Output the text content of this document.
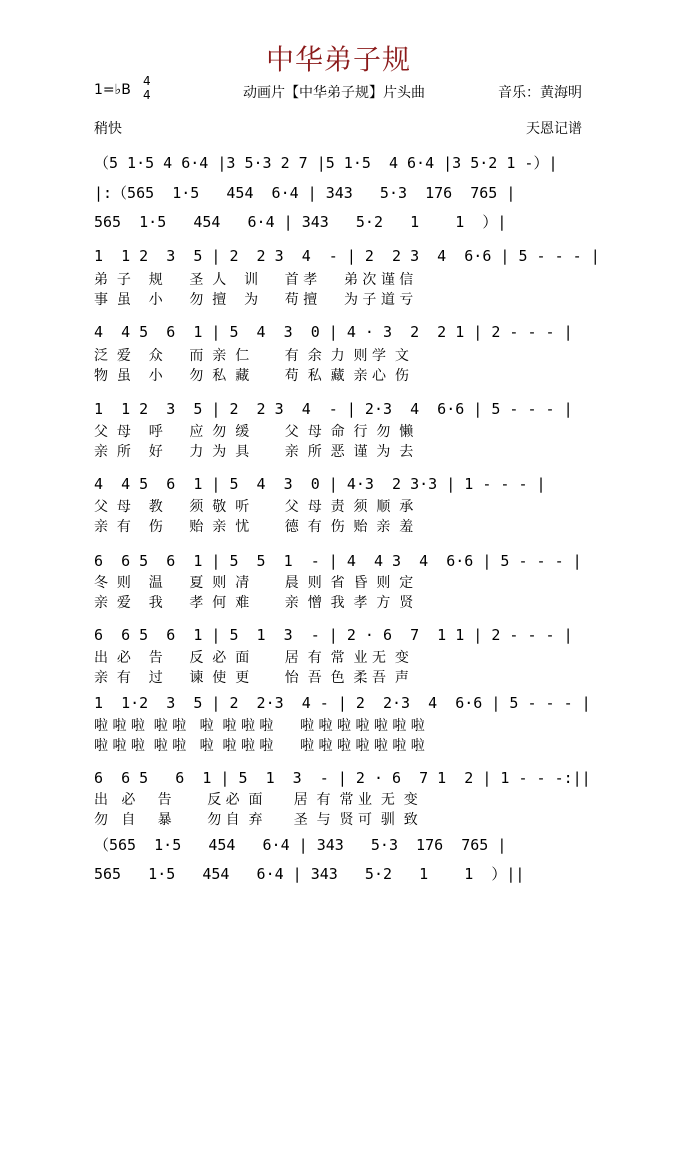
中华弟子规
1=♭B
4
4	动画片【中华弟子规】片头曲	音乐：黄海明
稍快	天恩记谱
（5 1·5 4 6·4 |3 5·3 2 7 |5 1·5  4 6·4 |3 5·2 1 -）|
|:（565  1·5   454  6·4 | 343   5·3  176  765 |
565  1·5   454   6·4 | 343   5·2   1    1  ）|
1  1 2  3  5 | 2  2 3  4  - | 2  2 3  4  6·6 | 5 - - - |
弟  子    规      圣  人    训      首 孝      弟 次 谨 信
事  虽    小      勿  擅    为      苟 擅      为 子 道 亏
4  4 5  6  1 | 5  4  3  0 | 4 · 3  2  2 1 | 2 - - - |
泛  爱    众      而  亲  仁        有  余  力  则 学  文
物  虽    小      勿  私  藏        苟  私  藏  亲 心  伤
1  1 2  3  5 | 2  2 3  4  - | 2·3  4  6·6 | 5 - - - |
父  母    呼      应  勿  缓        父  母  命  行  勿  懒
亲  所    好      力  为  具        亲  所  恶  谨  为  去
4  4 5  6  1 | 5  4  3  0 | 4·3  2 3·3 | 1 - - - |
父  母    教      须  敬  听        父  母  责  须  顺  承
亲  有    伤      贻  亲  忧        德  有  伤  贻  亲  羞
6  6 5  6  1 | 5  5  1  - | 4  4 3  4  6·6 | 5 - - - |
冬  则    温      夏  则  凊        晨  则  省  昏  则  定
亲  爱    我      孝  何  难        亲  憎  我  孝  方  贤
6  6 5  6  1 | 5  1  3  - | 2 · 6  7  1 1 | 2 - - - |
出  必    告      反  必  面        居  有  常  业 无  变
亲  有    过      谏  使  更        怡  吾  色  柔 吾  声
1  1·2  3  5 | 2  2·3  4 - | 2  2·3  4  6·6 | 5 - - - |
啦 啦 啦  啦 啦   啦  啦 啦 啦      啦 啦 啦 啦 啦 啦 啦
啦 啦 啦  啦 啦   啦  啦 啦 啦      啦 啦 啦 啦 啦 啦 啦
6  6 5   6  1 | 5  1  3  - | 2 · 6  7 1  2 | 1 - - -:||
出   必     告        反 必  面       居  有  常 业  无  变
勿   自     暴        勿 自  弃       圣  与  贤 可  驯  致
（565  1·5   454   6·4 | 343   5·3  176  765 |
565   1·5   454   6·4 | 343   5·2   1    1  ）||
